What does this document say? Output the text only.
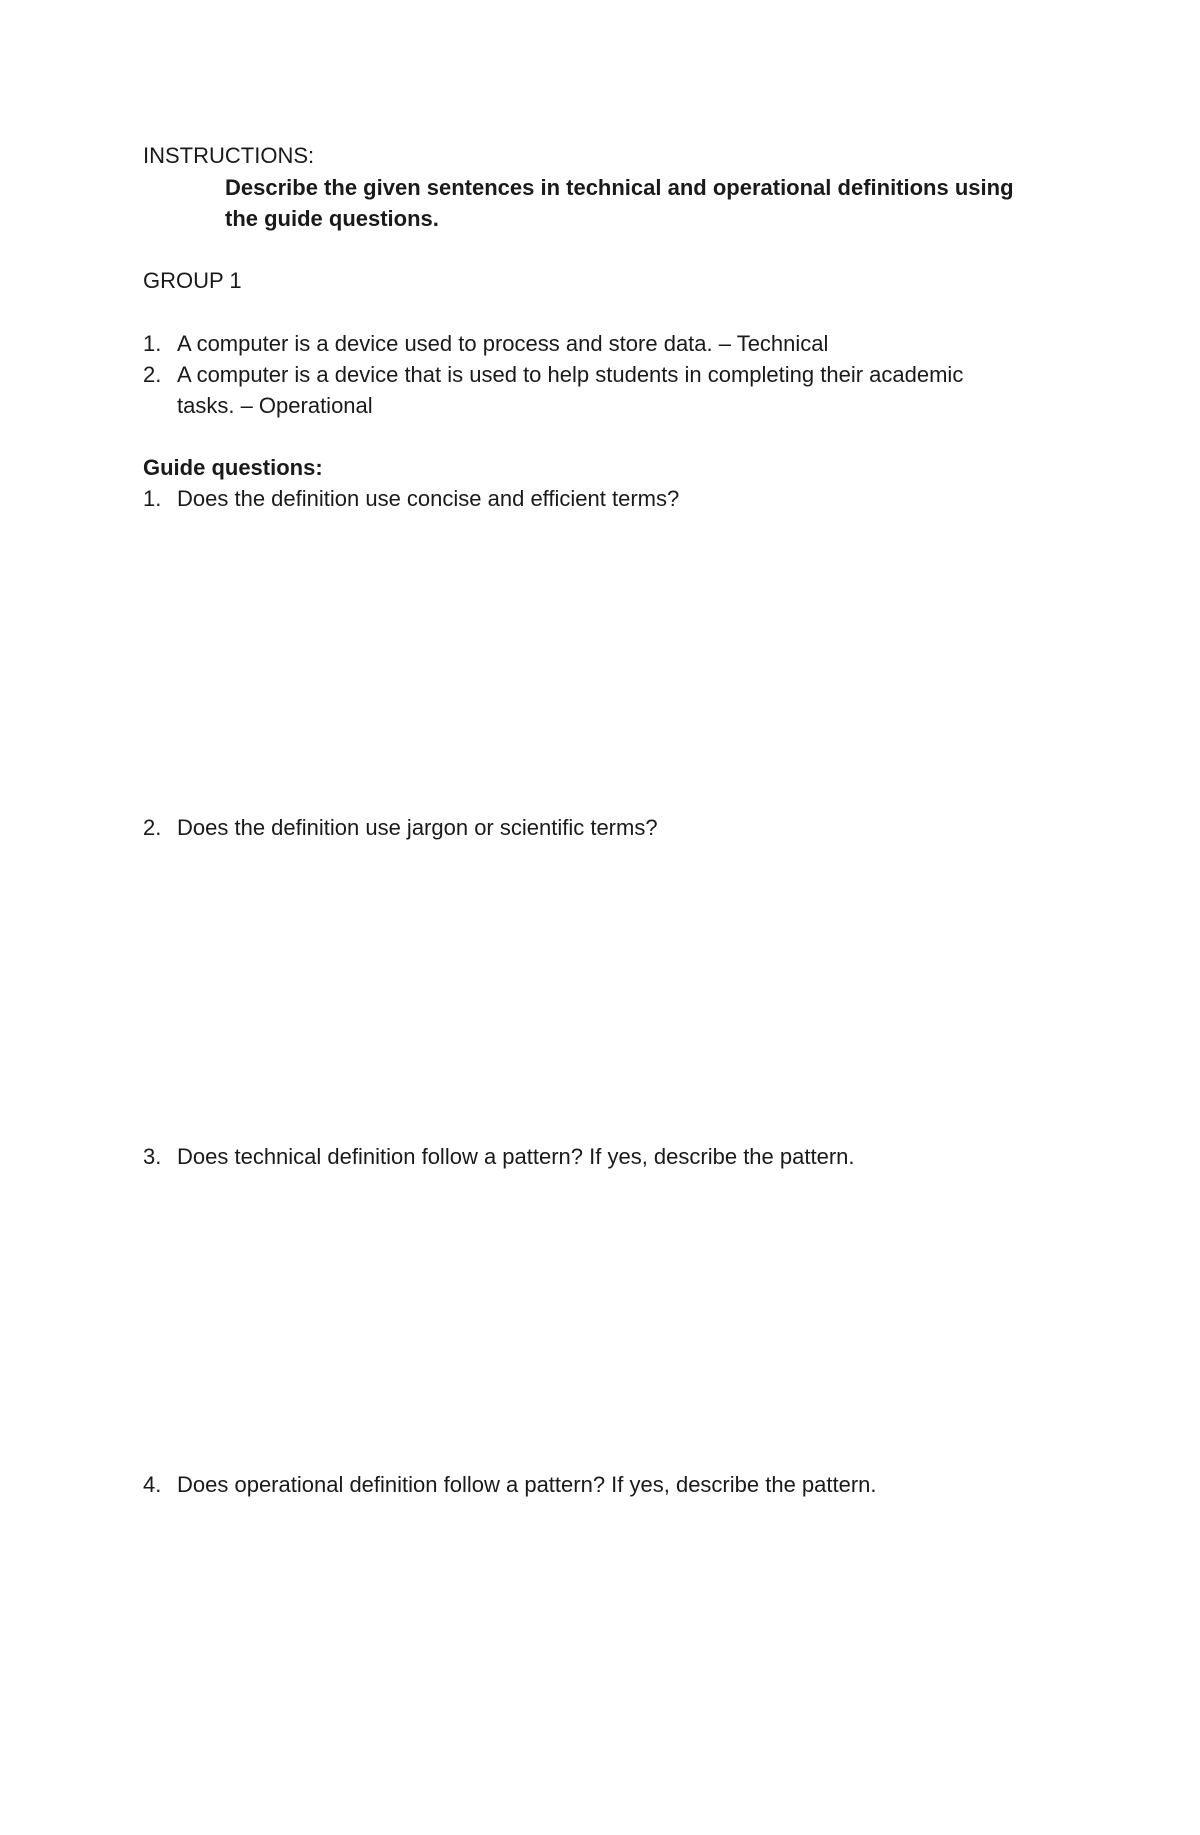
INSTRUCTIONS:
Describe the given sentences in technical and operational definitions using
the guide questions.
GROUP 1
1. A computer is a device used to process and store data. – Technical
2. A computer is a device that is used to help students in completing their academic
tasks. – Operational
Guide questions:
1. Does the definition use concise and efficient terms?
2. Does the definition use jargon or scientific terms?
3. Does technical definition follow a pattern? If yes, describe the pattern.
4. Does operational definition follow a pattern? If yes, describe the pattern.
